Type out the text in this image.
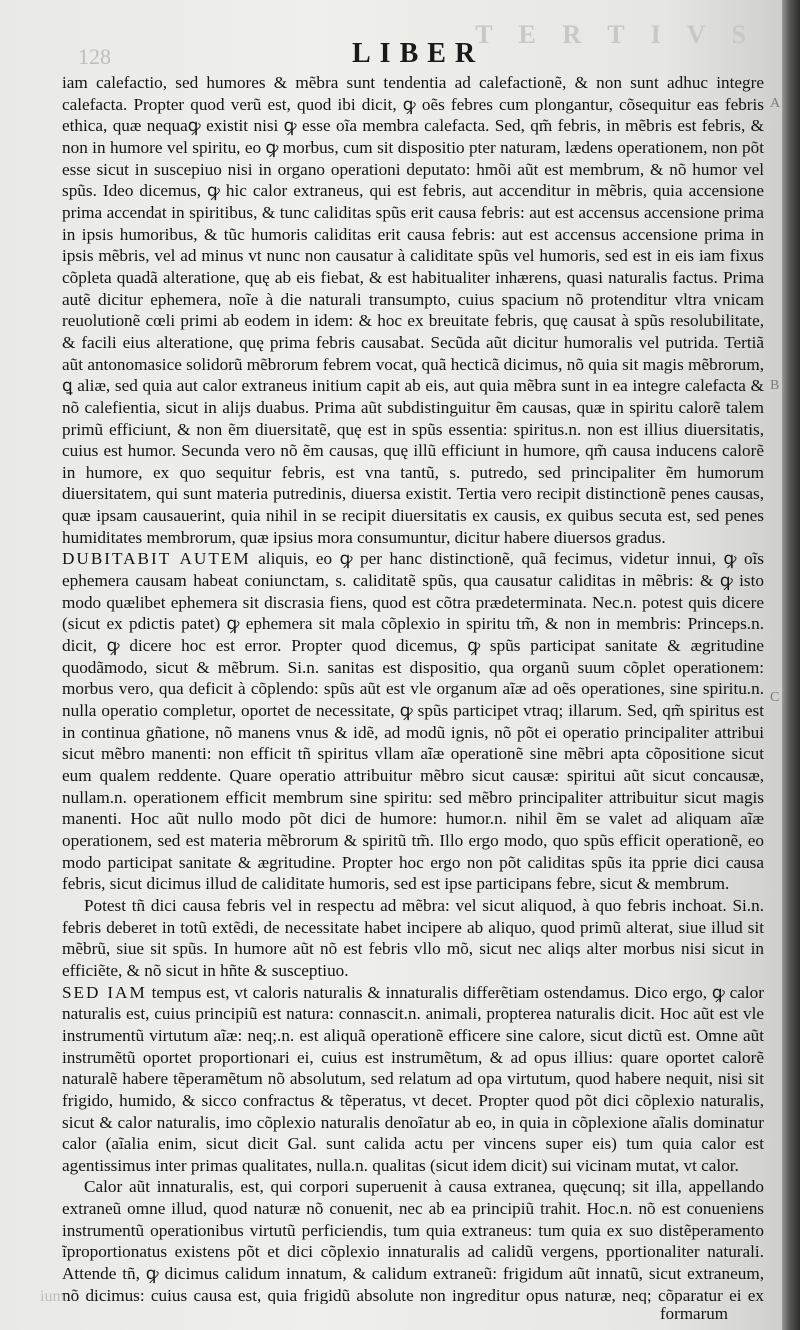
T E R T I V S
128	LIBER

iam calefactio, sed humores & mẽbra sunt tendentia ad calefactionẽ, & non sunt adhuc integre calefacta. Propter quod verũ est, quod ibi dicit, ꝙ oẽs febres cum plongantur, cõsequitur eas febris ethica, quæ nequaꝙ existit nisi ꝙ esse oĩa membra calefacta. Sed, qm̃ febris, in mẽbris est febris, & non in humore vel spiritu, eo ꝙ morbus, cum sit dispositio pter naturam, lædens operationem, non põt esse sicut in suscepiuo nisi in organo operationi deputato: hmõi aũt est membrum, & nõ humor vel spũs. Ideo dicemus, ꝙ hic calor extraneus, qui est febris, aut accenditur in mẽbris, quia accensione prima accendat in spiritibus, & tunc caliditas spũs erit causa febris: aut est accensus accensione prima in ipsis humoribus, & tũc humoris caliditas erit causa febris: aut est accensus accensione prima in ipsis mẽbris, vel ad minus vt nunc non causatur à caliditate spũs vel humoris, sed est in eis iam fixus cõpleta quadã alteratione, quę ab eis fiebat, & est habitualiter inhærens, quasi naturalis factus. Prima autẽ dicitur ephemera, noĩe à die naturali transumpto, cuius spacium nõ protenditur vltra vnicam reuolutionẽ cœli primi ab eodem in idem: & hoc ex breuitate febris, quę causat à spũs resolubilitate, & facili eius alteratione, quę prima febris causabat. Secũda aũt dicitur humoralis vel putrida. Tertiã aũt antonomasice solidorũ mẽbrorum febrem vocat, quã hecticã dicimus, nõ quia sit magis mẽbrorum, ꝗ aliæ, sed quia aut calor extraneus initium capit ab eis, aut quia mẽbra sunt in ea integre calefacta & nõ calefientia, sicut in alijs duabus. Prima aũt subdistinguitur ẽm causas, quæ in spiritu calorẽ talem primũ efficiunt, & non ẽm diuersitatẽ, quę est in spũs essentia: spiritus.n. non est illius diuersitatis, cuius est humor. Secunda vero nõ ẽm causas, quę illũ efficiunt in humore, qm̃ causa inducens calorẽ in humore, ex quo sequitur febris, est vna tantũ, s. putredo, sed principaliter ẽm humorum diuersitatem, qui sunt materia putredinis, diuersa existit. Tertia vero recipit distinctionẽ penes causas, quæ ipsam causauerint, quia nihil in se recipit diuersitatis ex causis, ex quibus secuta est, sed penes humiditates membrorum, quæ ipsius mora consumuntur, dicitur habere diuersos gradus.

DUBITABIT AUTEM aliquis, eo ꝙ per hanc distinctionẽ, quã fecimus, videtur innui, ꝙ oĩs ephemera causam habeat coniunctam, s. caliditatẽ spũs, qua causatur caliditas in mẽbris: & ꝙ isto modo quælibet ephemera sit discrasia fiens, quod est cõtra prædeterminata. Nec.n. potest quis dicere (sicut ex pdictis patet) ꝙ ephemera sit mala cõplexio in spiritu tm̃, & non in membris: Princeps.n. dicit, ꝙ dicere hoc est error. Propter quod dicemus, ꝙ spũs participat sanitate & ægritudine quodãmodo, sicut & mẽbrum. Si.n. sanitas est dispositio, qua organũ suum cõplet operationem: morbus vero, qua deficit à cõplendo: spũs aũt est vle organum aĩæ ad oẽs operationes, sine spiritu.n. nulla operatio completur, oportet de necessitate, ꝙ spũs participet vtraq; illarum. Sed, qm̃ spiritus est in continua gñatione, nõ manens vnus & idẽ, ad modũ ignis, nõ põt ei operatio principaliter attribui sicut mẽbro manenti: non efficit tñ spiritus vllam aĩæ operationẽ sine mẽbri apta cõpositione sicut eum qualem reddente. Quare operatio attribuitur mẽbro sicut causæ: spiritui aũt sicut concausæ, nullam.n. operationem efficit membrum sine spiritu: sed mẽbro principaliter attribuitur sicut magis manenti. Hoc aũt nullo modo põt dici de humore: humor.n. nihil ẽm se valet ad aliquam aĩæ operationem, sed est materia mẽbrorum & spiritũ tm̃. Illo ergo modo, quo spũs efficit operationẽ, eo modo participat sanitate & ægritudine. Propter hoc ergo non põt caliditas spũs ita pprie dici causa febris, sicut dicimus illud de caliditate humoris, sed est ipse participans febre, sicut & membrum.

Potest tñ dici causa febris vel in respectu ad mẽbra: vel sicut aliquod, à quo febris inchoat. Si.n. febris deberet in totũ extẽdi, de necessitate habet incipere ab aliquo, quod primũ alterat, siue illud sit mẽbrũ, siue sit spũs. In humore aũt nõ est febris vllo mõ, sicut nec aliqs alter morbus nisi sicut in efficiẽte, & nõ sicut in hñte & susceptiuo.

SED IAM tempus est, vt caloris naturalis & innaturalis differẽtiam ostendamus. Dico ergo, ꝙ calor naturalis est, cuius principiũ est natura: connascit.n. animali, propterea naturalis dicit. Hoc aũt est vle instrumentũ virtutum aĩæ: neq;.n. est aliquã operationẽ efficere sine calore, sicut dictũ est. Omne aũt instrumẽtũ oportet proportionari ei, cuius est instrumẽtum, & ad opus illius: quare oportet calorẽ naturalẽ habere tẽperamẽtum nõ absolutum, sed relatum ad opa virtutum, quod habere nequit, nisi sit frigido, humido, & sicco confractus & tẽperatus, vt decet. Propter quod põt dici cõplexio naturalis, sicut & calor naturalis, imo cõplexio naturalis denoĩatur ab eo, in quia in cõplexione aĩalis dominatur calor (aĩalia enim, sicut dicit Gal. sunt calida actu per vincens super eis) tum quia calor est agentissimus inter primas qualitates, nulla.n. qualitas (sicut idem dicit) sui vicinam mutat, vt calor.

Calor aũt innaturalis, est, qui corpori superuenit à causa extranea, quęcunq; sit illa, appellando extraneũ omne illud, quod naturæ nõ conuenit, nec ab ea principiũ trahit. Hoc.n. nõ est conueniens instrumentũ operationibus virtutũ perficiendis, tum quia extraneus: tum quia ex suo distẽperamento ĩproportionatus existens põt et dici cõplexio innaturalis ad calidũ vergens, pportionaliter naturali. Attende tñ, ꝙ dicimus calidum innatum, & calidum extraneũ: frigidum aũt innatũ, sicut extraneum, nõ dicimus: cuius causa est, quia frigidũ absolute non ingreditur opus naturæ, neq; cõparatur ei ex

A
B
C
ium
formarum
